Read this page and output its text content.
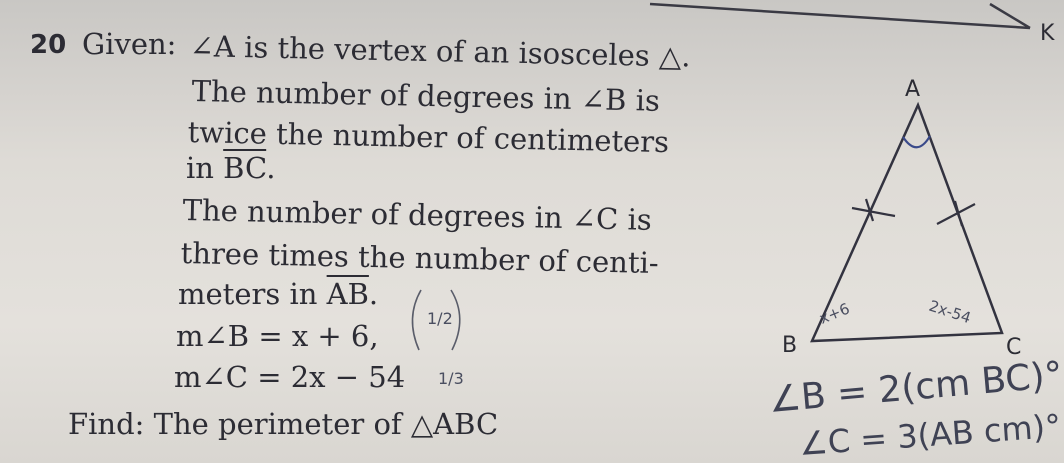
K
A
B	C
x+6	2x-54
1/2
1/3	∠B = 2(cm BC)°
∠C = 3(AB cm)°
20 Given: ∠A is the vertex of an isosceles △.
The number of degrees in ∠B is
twice the number of centimeters
in $\overline{BC}$.
The number of degrees in ∠C is
three times the number of centi-
meters in $\overline{AB}$.
m∠B = x + 6,
m∠C = 2x − 54
Find: The perimeter of △ABC
